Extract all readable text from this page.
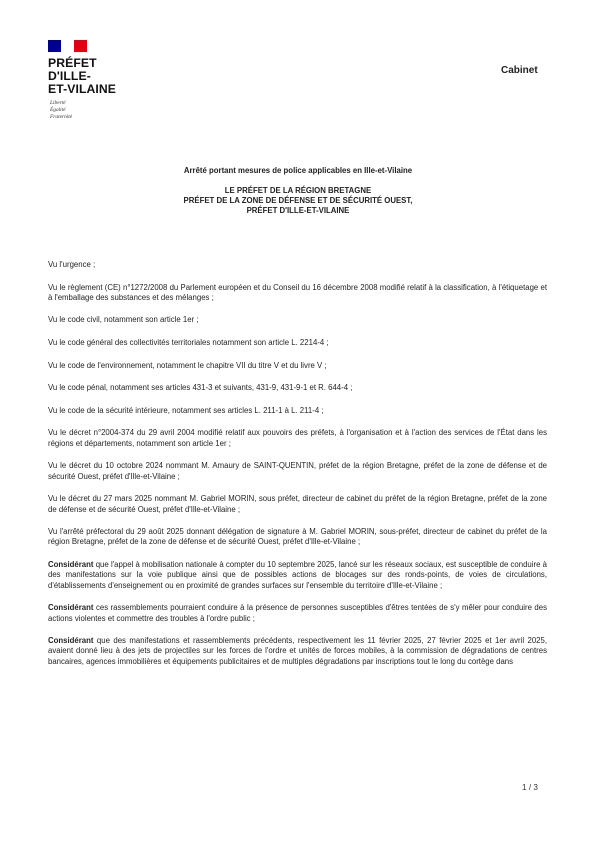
PRÉFET
D'ILLE-
ET-VILAINE
Liberté
Égalité
Fraternité
Cabinet
Arrêté portant mesures de police applicables en Ille-et-Vilaine
LE PRÉFET DE LA RÉGION BRETAGNE
PRÉFET DE LA ZONE DE DÉFENSE ET DE SÉCURITÉ OUEST,
PRÉFET D'ILLE-ET-VILAINE

Vu l'urgence ;

Vu le règlement (CE) n°1272/2008 du Parlement européen et du Conseil du 16 décembre 2008 modifié relatif à la classification, à l'étiquetage et à l'emballage des substances et des mélanges ;

Vu le code civil, notamment son article 1er ;

Vu le code général des collectivités territoriales notamment son article L. 2214-4 ;

Vu le code de l'environnement, notamment le chapitre VII du titre V et du livre V ;

Vu le code pénal, notamment ses articles 431-3 et suivants, 431-9, 431-9-1 et R. 644-4 ;

Vu le code de la sécurité intérieure, notamment ses articles L. 211-1 à L. 211-4 ;

Vu le décret n°2004-374 du 29 avril 2004 modifié relatif aux pouvoirs des préfets, à l'organisation et à l'action des services de l'État dans les régions et départements, notamment son article 1er ;

Vu le décret du 10 octobre 2024 nommant M. Amaury de SAINT-QUENTIN, préfet de la région Bretagne, préfet de la zone de défense et de sécurité Ouest, préfet d'Ille-et-Vilaine ;

Vu le décret du 27 mars 2025 nommant M. Gabriel MORIN, sous préfet, directeur de cabinet du préfet de la région Bretagne, préfet de la zone de défense et de sécurité Ouest, préfet d'Ille-et-Vilaine ;

Vu l'arrêté préfectoral du 29 août 2025 donnant délégation de signature à M. Gabriel MORIN, sous-préfet, directeur de cabinet du préfet de la région Bretagne, préfet de la zone de défense et de sécurité Ouest, préfet d'Ille-et-Vilaine ;

Considérant que l'appel à mobilisation nationale à compter du 10 septembre 2025, lancé sur les réseaux sociaux, est susceptible de conduire à des manifestations sur la voie publique ainsi que de possibles actions de blocages sur des ronds-points, de voies de circulations, d'établissements d'enseignement ou en proximité de grandes surfaces sur l'ensemble du territoire d'Ille-et-Vilaine ;

Considérant ces rassemblements pourraient conduire à la présence de personnes susceptibles d'êtres tentées de s'y mêler pour conduire des actions violentes et commettre des troubles à l'ordre public ;

Considérant que des manifestations et rassemblements précédents, respectivement les 11 février 2025, 27 février 2025 et 1er avril 2025, avaient donné lieu à des jets de projectiles sur les forces de l'ordre et unités de forces mobiles, à la commission de dégradations de centres bancaires, agences immobilières et équipements publicitaires et de multiples dégradations par inscriptions tout le long du cortège dans

1 / 3
